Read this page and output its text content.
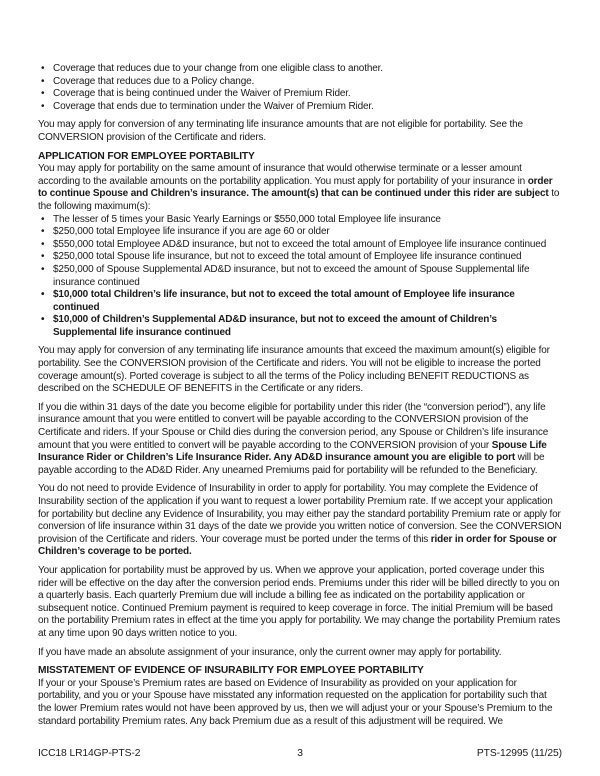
• Coverage that reduces due to your change from one eligible class to another.
• Coverage that reduces due to a Policy change.
• Coverage that is being continued under the Waiver of Premium Rider.
• Coverage that ends due to termination under the Waiver of Premium Rider.

You may apply for conversion of any terminating life insurance amounts that are not eligible for portability. See the CONVERSION provision of the Certificate and riders.

APPLICATION FOR EMPLOYEE PORTABILITY

You may apply for portability on the same amount of insurance that would otherwise terminate or a lesser amount according to the available amounts on the portability application. You must apply for portability of your insurance in order to continue Spouse and Children’s insurance. The amount(s) that can be continued under this rider are subject to the following maximum(s):

• The lesser of 5 times your Basic Yearly Earnings or $550,000 total Employee life insurance
• $250,000 total Employee life insurance if you are age 60 or older
• $550,000 total Employee AD&D insurance, but not to exceed the total amount of Employee life insurance continued
• $250,000 total Spouse life insurance, but not to exceed the total amount of Employee life insurance continued
• $250,000 of Spouse Supplemental AD&D insurance, but not to exceed the amount of Spouse Supplemental life insurance continued
• $10,000 total Children’s life insurance, but not to exceed the total amount of Employee life insurance continued
• $10,000 of Children’s Supplemental AD&D insurance, but not to exceed the amount of Children’s Supplemental life insurance continued

You may apply for conversion of any terminating life insurance amounts that exceed the maximum amount(s) eligible for portability. See the CONVERSION provision of the Certificate and riders. You will not be eligible to increase the ported coverage amount(s). Ported coverage is subject to all the terms of the Policy including BENEFIT REDUCTIONS as described on the SCHEDULE OF BENEFITS in the Certificate or any riders.

If you die within 31 days of the date you become eligible for portability under this rider (the “conversion period”), any life insurance amount that you were entitled to convert will be payable according to the CONVERSION provision of the Certificate and riders. If your Spouse or Child dies during the conversion period, any Spouse or Children’s life insurance amount that you were entitled to convert will be payable according to the CONVERSION provision of your Spouse Life Insurance Rider or Children’s Life Insurance Rider. Any AD&D insurance amount you are eligible to port will be payable according to the AD&D Rider. Any unearned Premiums paid for portability will be refunded to the Beneficiary.

You do not need to provide Evidence of Insurability in order to apply for portability. You may complete the Evidence of Insurability section of the application if you want to request a lower portability Premium rate. If we accept your application for portability but decline any Evidence of Insurability, you may either pay the standard portability Premium rate or apply for conversion of life insurance within 31 days of the date we provide you written notice of conversion. See the CONVERSION provision of the Certificate and riders. Your coverage must be ported under the terms of this rider in order for Spouse or Children’s coverage to be ported.

Your application for portability must be approved by us. When we approve your application, ported coverage under this rider will be effective on the day after the conversion period ends. Premiums under this rider will be billed directly to you on a quarterly basis. Each quarterly Premium due will include a billing fee as indicated on the portability application or subsequent notice. Continued Premium payment is required to keep coverage in force. The initial Premium will be based on the portability Premium rates in effect at the time you apply for portability. We may change the portability Premium rates at any time upon 90 days written notice to you.

If you have made an absolute assignment of your insurance, only the current owner may apply for portability.

MISSTATEMENT OF EVIDENCE OF INSURABILITY FOR EMPLOYEE PORTABILITY

If your or your Spouse’s Premium rates are based on Evidence of Insurability as provided on your application for portability, and you or your Spouse have misstated any information requested on the application for portability such that the lower Premium rates would not have been approved by us, then we will adjust your or your Spouse’s Premium to the standard portability Premium rates. Any back Premium due as a result of this adjustment will be required. We

ICC18 LR14GP-PTS-2	3	PTS-12995 (11/25)
